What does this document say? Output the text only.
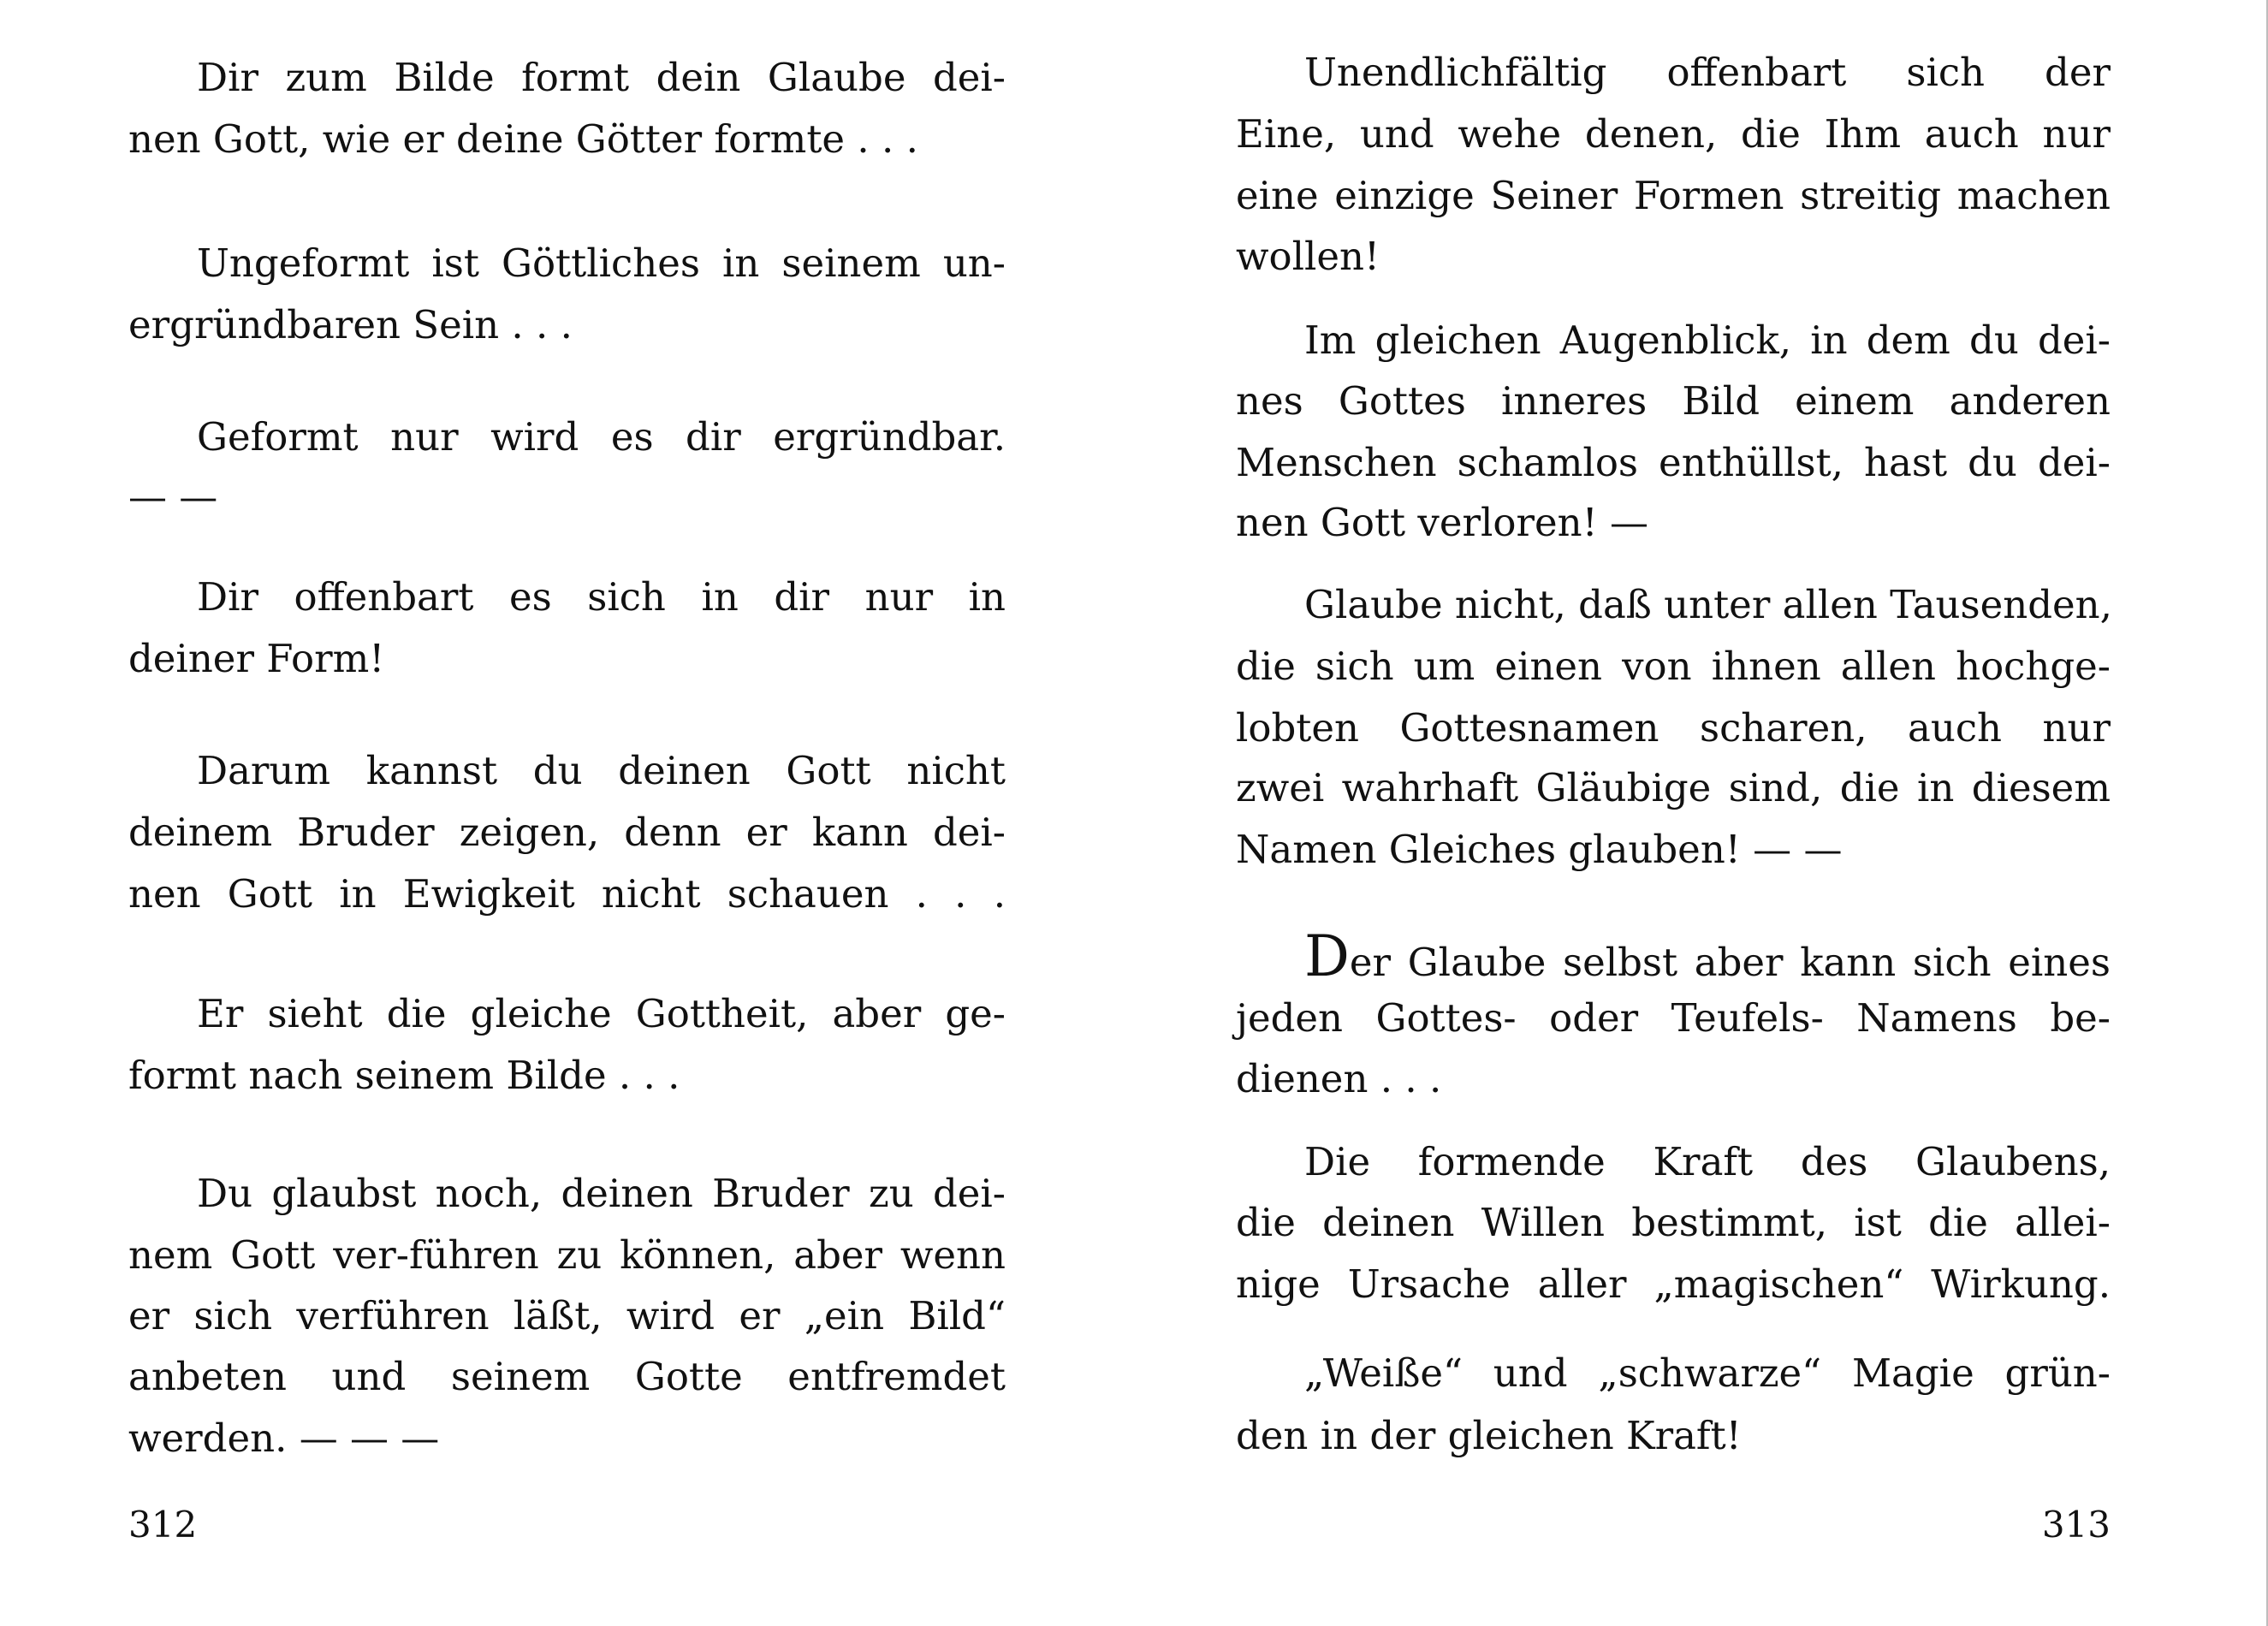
Dir zum Bilde formt dein Glaube dei-
nen Gott, wie er deine Götter formte . . .
Ungeformt ist Göttliches in seinem un-
ergründbaren Sein . . .
Geformt nur wird es dir ergründbar.
— —
Dir offenbart es sich in dir nur in
deiner Form!
Darum kannst du deinen Gott nicht
deinem Bruder zeigen, denn er kann dei-
nen Gott in Ewigkeit nicht schauen . . .
Er sieht die gleiche Gottheit, aber ge-
formt nach seinem Bilde . . .
Du glaubst noch, deinen Bruder zu dei-
nem Gott ver-führen zu können, aber wenn
er sich verführen läßt, wird er „ein Bild“
anbeten und seinem Gotte entfremdet
werden. — — —
312
Unendlichfältig offenbart sich der
Eine, und wehe denen, die Ihm auch nur
eine einzige Seiner Formen streitig machen
wollen!
Im gleichen Augenblick, in dem du dei-
nes Gottes inneres Bild einem anderen
Menschen schamlos enthüllst, hast du dei-
nen Gott verloren! —
Glaube nicht, daß unter allen Tausenden,
die sich um einen von ihnen allen hochge-
lobten Gottesnamen scharen, auch nur
zwei wahrhaft Gläubige sind, die in diesem
Namen Gleiches glauben! — —
Der Glaube selbst aber kann sich eines
jeden Gottes- oder Teufels- Namens be-
dienen . . .
Die formende Kraft des Glaubens,
die deinen Willen bestimmt, ist die allei-
nige Ursache aller „magischen“ Wirkung.
„Weiße“ und „schwarze“ Magie grün-
den in der gleichen Kraft!
313
